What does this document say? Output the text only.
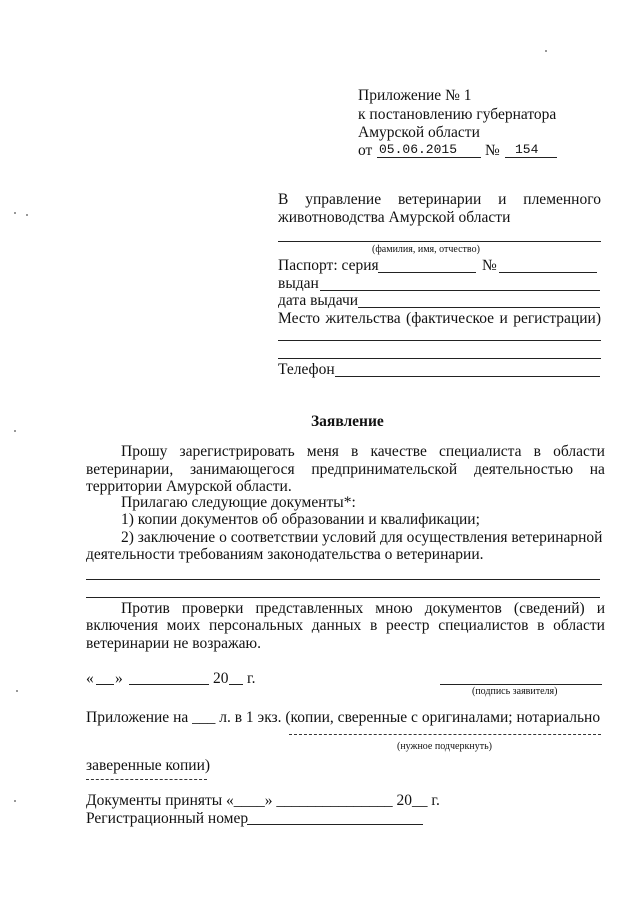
Приложение № 1
к постановлению губернатора
Амурской области
от 05.06.2015 № 154
В управление ветеринарии и племенного
животноводства Амурской области
(фамилия, имя, отчество)
Паспорт: серия	№
выдан
дата выдачи
Место жительства (фактическое и регистрации)
Телефон
Заявление
Прошу зарегистрировать меня в качестве специалиста в области
ветеринарии, занимающегося предпринимательской деятельностью на
территории Амурской области.
Прилагаю следующие документы*:
1) копии документов об образовании и квалификации;
2) заключение о соответствии условий для осуществления ветеринарной
деятельности требованиям законодательства о ветеринарии.
Против проверки представленных мною документов (сведений) и
включения моих персональных данных в реестр специалистов в области
ветеринарии не возражаю.
« »	20 г.
(подпись заявителя)
Приложение на ___ л. в 1 экз. (копии, сверенные с оригиналами; нотариально
(нужное подчеркнуть)
заверенные копии)
Документы приняты «____» _______________ 20__ г.
Регистрационный номер
